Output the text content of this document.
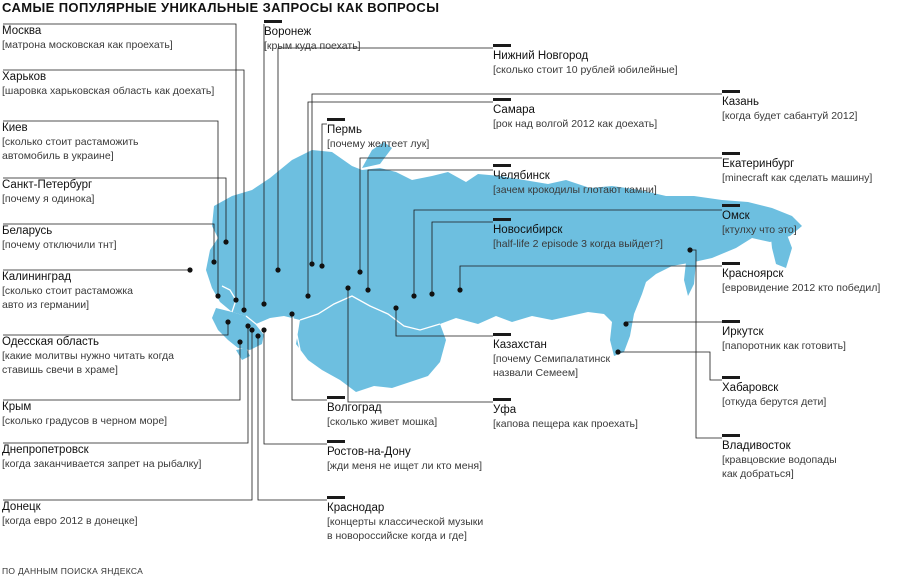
САМЫЕ ПОПУЛЯРНЫЕ УНИКАЛЬНЫЕ ЗАПРОСЫ КАК ВОПРОСЫ
ПО ДАННЫМ ПОИСКА ЯНДЕКСА
Москва
[матрона московская как проехать]
Харьков
[шаровка харьковская область как доехать]
Киев
[сколько стоит растаможить
автомобиль в украине]
Санкт-Петербург
[почему я одинока]
Беларусь
[почему отключили тнт]
Калининград
[сколько стоит растаможка
авто из германии]
Одесская область
[какие молитвы нужно читать когда
ставишь свечи в храме]
Крым
[сколько градусов в черном море]
Днепропетровск
[когда заканчивается запрет на рыбалку]
Донецк
[когда евро 2012 в донецке]
Воронеж
[крым куда поехать]
Пермь
[почему желтеет лук]
Волгоград
[сколько живет мошка]
Ростов-на-Дону
[жди меня не ищет ли кто меня]
Краснодар
[концерты классической музыки
в новороссийске когда и где]
Нижний Новгород
[сколько стоит 10 рублей юбилейные]
Самара
[рок над волгой 2012 как доехать]
Челябинск
[зачем крокодилы глотают камни]
Новосибирск
[half-life 2 episode 3 когда выйдет?]
Казахстан
[почему Семипалатинск
назвали Семеем]
Уфа
[капова пещера как проехать]
Казань
[когда будет сабантуй 2012]
Екатеринбург
[minecraft как сделать машину]
Омск
[ктулху что это]
Красноярск
[евровидение 2012 кто победил]
Иркутск
[папоротник как готовить]
Хабаровск
[откуда берутся дети]
Владивосток
[кравцовские водопады
как добраться]
